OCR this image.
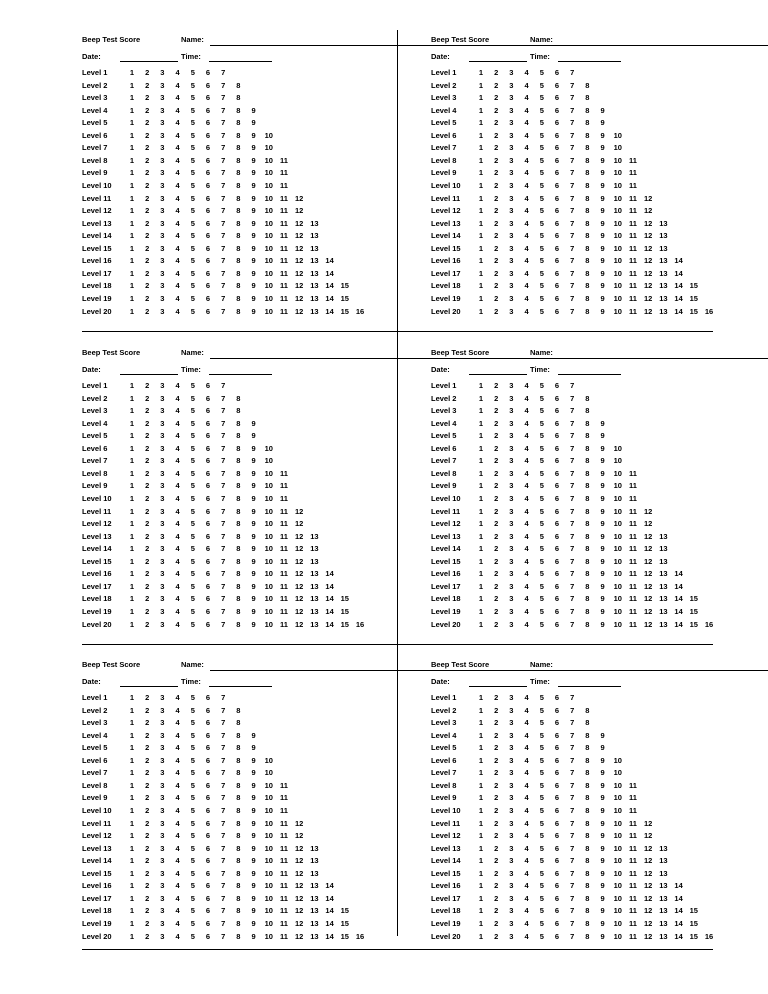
Beep Test Score	Name:
Date:	Time:
Level 1	1	2	3	4	5	6	7
Level 2	1	2	3	4	5	6	7	8
Level 3	1	2	3	4	5	6	7	8
Level 4	1	2	3	4	5	6	7	8	9
Level 5	1	2	3	4	5	6	7	8	9
Level 6	1	2	3	4	5	6	7	8	9	10
Level 7	1	2	3	4	5	6	7	8	9	10
Level 8	1	2	3	4	5	6	7	8	9	10 11
Level 9	1	2	3	4	5	6	7	8	9	10 11
Level 10	1	2	3	4	5	6	7	8	9	10 11
Level 11	1	2	3	4	5	6	7	8	9	10 11 12
Level 12	1	2	3	4	5	6	7	8	9	10 11 12
Level 13	1	2	3	4	5	6	7	8	9	10 11 12 13
Level 14	1	2	3	4	5	6	7	8	9	10 11 12 13
Level 15	1	2	3	4	5	6	7	8	9	10 11 12 13
Level 16	1	2	3	4	5	6	7	8	9	10 11 12 13 14
Level 17	1	2	3	4	5	6	7	8	9	10 11 12 13 14
Level 18	1	2	3	4	5	6	7	8	9	10 11 12 13 14 15
Level 19	1	2	3	4	5	6	7	8	9	10 11 12 13 14 15
Level 20	1	2	3	4	5	6	7	8	9	10 11 12 13 14 15 16
Beep Test Score	Name:
Date:	Time:
Level 1	1	2	3	4	5	6	7
Level 2	1	2	3	4	5	6	7	8
Level 3	1	2	3	4	5	6	7	8
Level 4	1	2	3	4	5	6	7	8	9
Level 5	1	2	3	4	5	6	7	8	9
Level 6	1	2	3	4	5	6	7	8	9	10
Level 7	1	2	3	4	5	6	7	8	9	10
Level 8	1	2	3	4	5	6	7	8	9	10 11
Level 9	1	2	3	4	5	6	7	8	9	10 11
Level 10	1	2	3	4	5	6	7	8	9	10 11
Level 11	1	2	3	4	5	6	7	8	9	10 11 12
Level 12	1	2	3	4	5	6	7	8	9	10 11 12
Level 13	1	2	3	4	5	6	7	8	9	10 11 12 13
Level 14	1	2	3	4	5	6	7	8	9	10 11 12 13
Level 15	1	2	3	4	5	6	7	8	9	10 11 12 13
Level 16	1	2	3	4	5	6	7	8	9	10 11 12 13 14
Level 17	1	2	3	4	5	6	7	8	9	10 11 12 13 14
Level 18	1	2	3	4	5	6	7	8	9	10 11 12 13 14 15
Level 19	1	2	3	4	5	6	7	8	9	10 11 12 13 14 15
Level 20	1	2	3	4	5	6	7	8	9	10 11 12 13 14 15 16
Beep Test Score	Name:
Date:	Time:
Level 1	1	2	3	4	5	6	7
Level 2	1	2	3	4	5	6	7	8
Level 3	1	2	3	4	5	6	7	8
Level 4	1	2	3	4	5	6	7	8	9
Level 5	1	2	3	4	5	6	7	8	9
Level 6	1	2	3	4	5	6	7	8	9	10
Level 7	1	2	3	4	5	6	7	8	9	10
Level 8	1	2	3	4	5	6	7	8	9	10 11
Level 9	1	2	3	4	5	6	7	8	9	10 11
Level 10	1	2	3	4	5	6	7	8	9	10 11
Level 11	1	2	3	4	5	6	7	8	9	10 11 12
Level 12	1	2	3	4	5	6	7	8	9	10 11 12
Level 13	1	2	3	4	5	6	7	8	9	10 11 12 13
Level 14	1	2	3	4	5	6	7	8	9	10 11 12 13
Level 15	1	2	3	4	5	6	7	8	9	10 11 12 13
Level 16	1	2	3	4	5	6	7	8	9	10 11 12 13 14
Level 17	1	2	3	4	5	6	7	8	9	10 11 12 13 14
Level 18	1	2	3	4	5	6	7	8	9	10 11 12 13 14 15
Level 19	1	2	3	4	5	6	7	8	9	10 11 12 13 14 15
Level 20	1	2	3	4	5	6	7	8	9	10 11 12 13 14 15 16
Beep Test Score	Name:
Date:	Time:
Level 1	1	2	3	4	5	6	7
Level 2	1	2	3	4	5	6	7	8
Level 3	1	2	3	4	5	6	7	8
Level 4	1	2	3	4	5	6	7	8	9
Level 5	1	2	3	4	5	6	7	8	9
Level 6	1	2	3	4	5	6	7	8	9	10
Level 7	1	2	3	4	5	6	7	8	9	10
Level 8	1	2	3	4	5	6	7	8	9	10 11
Level 9	1	2	3	4	5	6	7	8	9	10 11
Level 10	1	2	3	4	5	6	7	8	9	10 11
Level 11	1	2	3	4	5	6	7	8	9	10 11 12
Level 12	1	2	3	4	5	6	7	8	9	10 11 12
Level 13	1	2	3	4	5	6	7	8	9	10 11 12 13
Level 14	1	2	3	4	5	6	7	8	9	10 11 12 13
Level 15	1	2	3	4	5	6	7	8	9	10 11 12 13
Level 16	1	2	3	4	5	6	7	8	9	10 11 12 13 14
Level 17	1	2	3	4	5	6	7	8	9	10 11 12 13 14
Level 18	1	2	3	4	5	6	7	8	9	10 11 12 13 14 15
Level 19	1	2	3	4	5	6	7	8	9	10 11 12 13 14 15
Level 20	1	2	3	4	5	6	7	8	9	10 11 12 13 14 15 16
Beep Test Score	Name:
Date:	Time:
Level 1	1	2	3	4	5	6	7
Level 2	1	2	3	4	5	6	7	8
Level 3	1	2	3	4	5	6	7	8
Level 4	1	2	3	4	5	6	7	8	9
Level 5	1	2	3	4	5	6	7	8	9
Level 6	1	2	3	4	5	6	7	8	9	10
Level 7	1	2	3	4	5	6	7	8	9	10
Level 8	1	2	3	4	5	6	7	8	9	10 11
Level 9	1	2	3	4	5	6	7	8	9	10 11
Level 10	1	2	3	4	5	6	7	8	9	10 11
Level 11	1	2	3	4	5	6	7	8	9	10 11 12
Level 12	1	2	3	4	5	6	7	8	9	10 11 12
Level 13	1	2	3	4	5	6	7	8	9	10 11 12 13
Level 14	1	2	3	4	5	6	7	8	9	10 11 12 13
Level 15	1	2	3	4	5	6	7	8	9	10 11 12 13
Level 16	1	2	3	4	5	6	7	8	9	10 11 12 13 14
Level 17	1	2	3	4	5	6	7	8	9	10 11 12 13 14
Level 18	1	2	3	4	5	6	7	8	9	10 11 12 13 14 15
Level 19	1	2	3	4	5	6	7	8	9	10 11 12 13 14 15
Level 20	1	2	3	4	5	6	7	8	9	10 11 12 13 14 15 16
Beep Test Score	Name:
Date:	Time:
Level 1	1	2	3	4	5	6	7
Level 2	1	2	3	4	5	6	7	8
Level 3	1	2	3	4	5	6	7	8
Level 4	1	2	3	4	5	6	7	8	9
Level 5	1	2	3	4	5	6	7	8	9
Level 6	1	2	3	4	5	6	7	8	9	10
Level 7	1	2	3	4	5	6	7	8	9	10
Level 8	1	2	3	4	5	6	7	8	9	10 11
Level 9	1	2	3	4	5	6	7	8	9	10 11
Level 10	1	2	3	4	5	6	7	8	9	10 11
Level 11	1	2	3	4	5	6	7	8	9	10 11 12
Level 12	1	2	3	4	5	6	7	8	9	10 11 12
Level 13	1	2	3	4	5	6	7	8	9	10 11 12 13
Level 14	1	2	3	4	5	6	7	8	9	10 11 12 13
Level 15	1	2	3	4	5	6	7	8	9	10 11 12 13
Level 16	1	2	3	4	5	6	7	8	9	10 11 12 13 14
Level 17	1	2	3	4	5	6	7	8	9	10 11 12 13 14
Level 18	1	2	3	4	5	6	7	8	9	10 11 12 13 14 15
Level 19	1	2	3	4	5	6	7	8	9	10 11 12 13 14 15
Level 20	1	2	3	4	5	6	7	8	9	10 11 12 13 14 15 16
